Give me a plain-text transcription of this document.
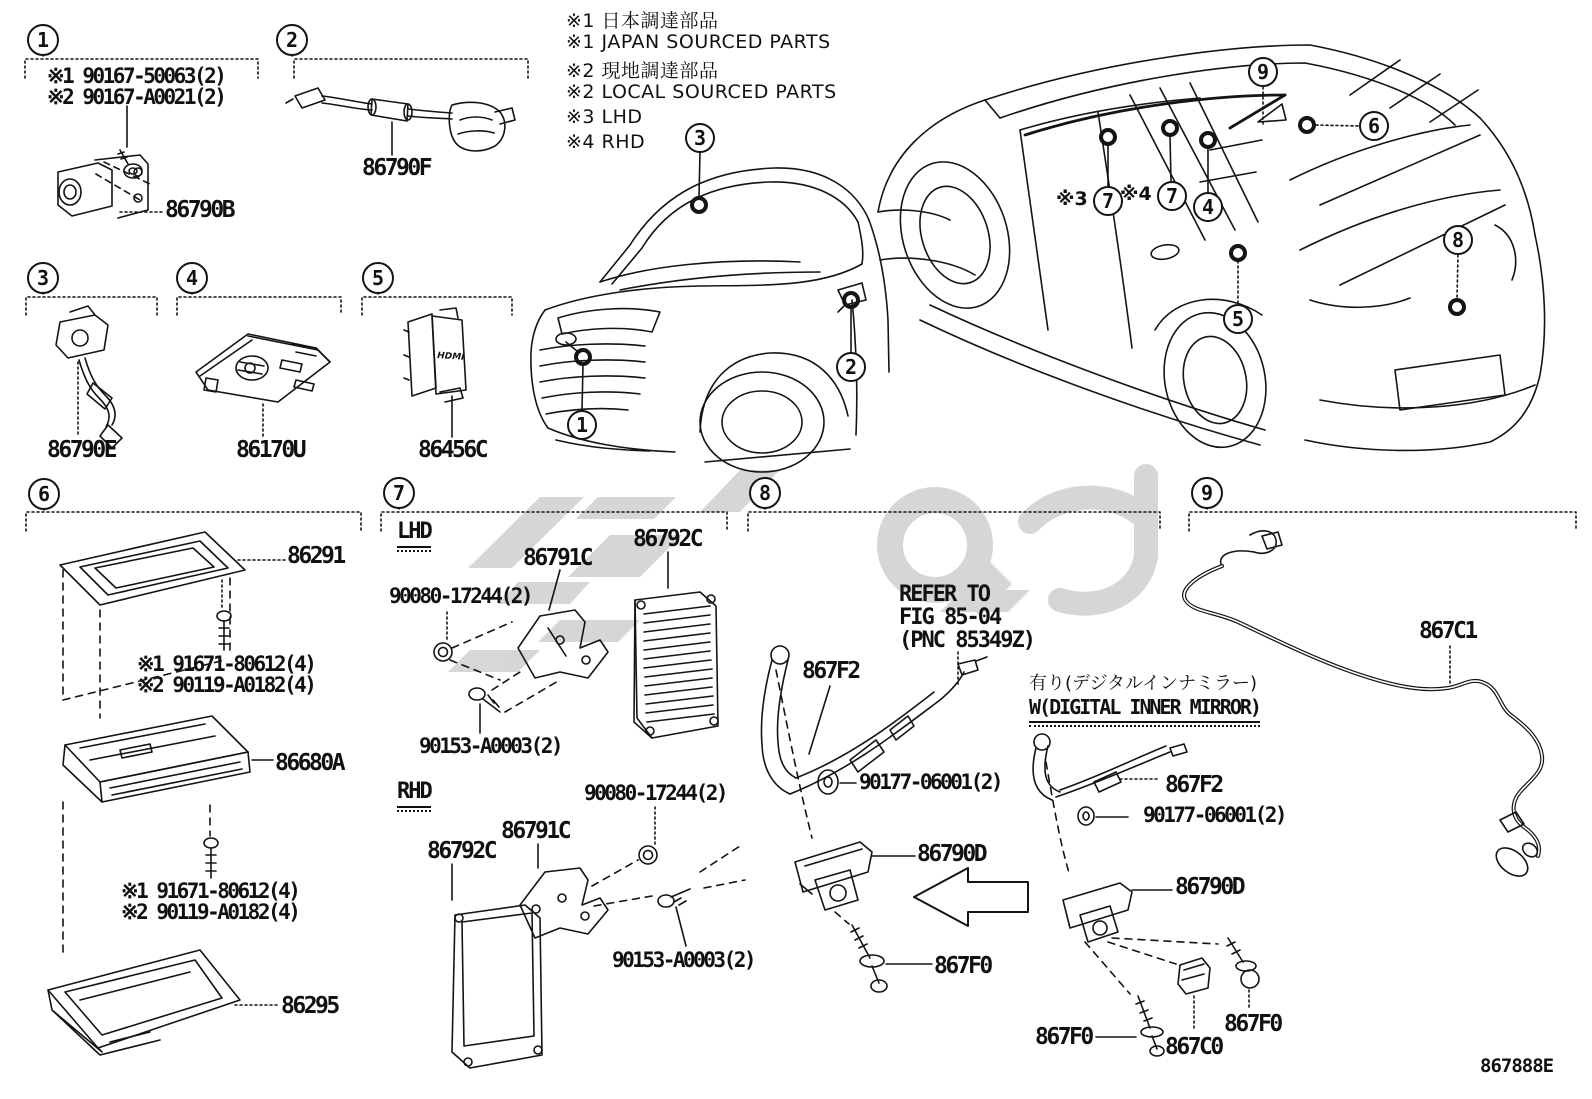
HDMI
1	2
3	4	5
6	7	8	9
3
1
2
7	7 4
9
5
6
8
※1 日本調達部品
※1 JAPAN SOURCED PARTS
※2 現地調達部品
※2 LOCAL SOURCED PARTS
※3 LHD
※4 RHD
※3 ※4
※1 90167-50063(2)
※2 90167-A0021(2)
86790B
86790F
86790E	86170U	86456C
86291
※1 91671-80612(4)
※2 90119-A0182(4)
86680A
※1 91671-80612(4)
※2 90119-A0182(4)
86295
LHD
86791C
86792C
90080-17244(2)
90153-A0003(2)
RHD	90080-17244(2)
86791C
86792C
90153-A0003(2)
REFER TO
FIG 85-04
(PNC 85349Z)
867F2
90177-06001(2)
86790D
867F0
有り(デジタルインナミラー)
W(DIGITAL INNER MIRROR)
867F2
90177-06001(2)
86790D
867F0	867C0
867F0
867C1
867888E
